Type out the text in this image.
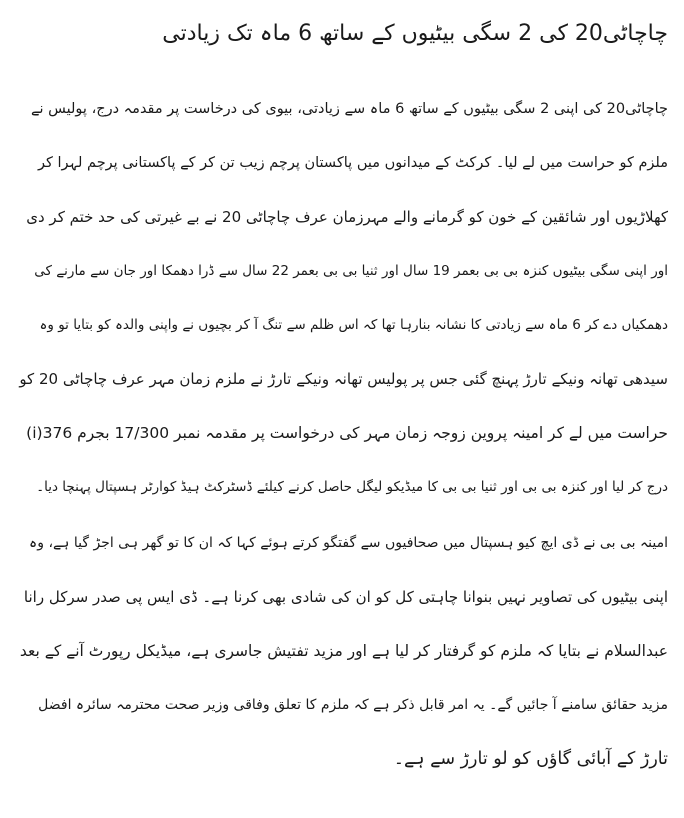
چاچاٹی20 کی 2 سگی بیٹیوں کے ساتھ 6 ماہ تک زیادتی
چاچاٹی20 کی اپنی 2 سگی بیٹیوں کے ساتھ 6 ماہ سے زیادتی، بیوی کی درخاست پر مقدمہ درج، پولیس نے
ملزم کو حراست میں لے لیا۔ کرکٹ کے میدانوں میں پاکستان پرچم زیب تن کر کے پاکستانی پرچم لہرا کر
کھلاڑیوں اور شائقین کے خون کو گرمانے والے مہرزمان عرف چاچاٹی 20 نے بے غیرتی کی حد ختم کر دی
اور اپنی سگی بیٹیوں کنزہ بی بی بعمر 19 سال اور ثنیا بی بی بعمر 22 سال سے ڈرا دھمکا اور جان سے مارنے کی
دھمکیاں دے کر 6 ماہ سے زیادتی کا نشانہ بنارہا تھا کہ اس ظلم سے تنگ آ کر بچیوں نے واپنی والدہ کو بتایا تو وہ
سیدھی تھانہ ونیکے تارڑ پہنچ گئی جس پر پولیس تھانہ ونیکے تارڑ نے ملزم زمان مہر عرف چاچاٹی 20 کو
حراست میں لے کر امینہ پروین زوجہ زمان مہر کی درخواست پر مقدمہ نمبر 17/300 بجرم 376(i)
درج کر لیا اور کنزہ بی بی اور ثنیا بی بی کا میڈیکو لیگل حاصل کرنے کیلئے ڈسٹرکٹ ہیڈ کوارٹر ہسپتال پہنچا دیا۔
امینہ بی بی نے ڈی ایچ کیو ہسپتال میں صحافیوں سے گفتگو کرتے ہوئے کہا کہ ان کا تو گھر ہی اجڑ گیا ہے، وہ
اپنی بیٹیوں کی تصاویر نہیں بنوانا چاہتی کل کو ان کی شادی بھی کرنا ہے۔ ڈی ایس پی صدر سرکل رانا
عبدالسلام نے بتایا کہ ملزم کو گرفتار کر لیا ہے اور مزید تفتیش جاسری ہے، میڈیکل رپورٹ آنے کے بعد
مزید حقائق سامنے آ جائیں گے۔ یہ امر قابل ذکر ہے کہ ملزم کا تعلق وفاقی وزیر صحت محترمہ سائرہ افضل
تارڑ کے آبائی گاؤں کو لو تارڑ سے ہے۔
